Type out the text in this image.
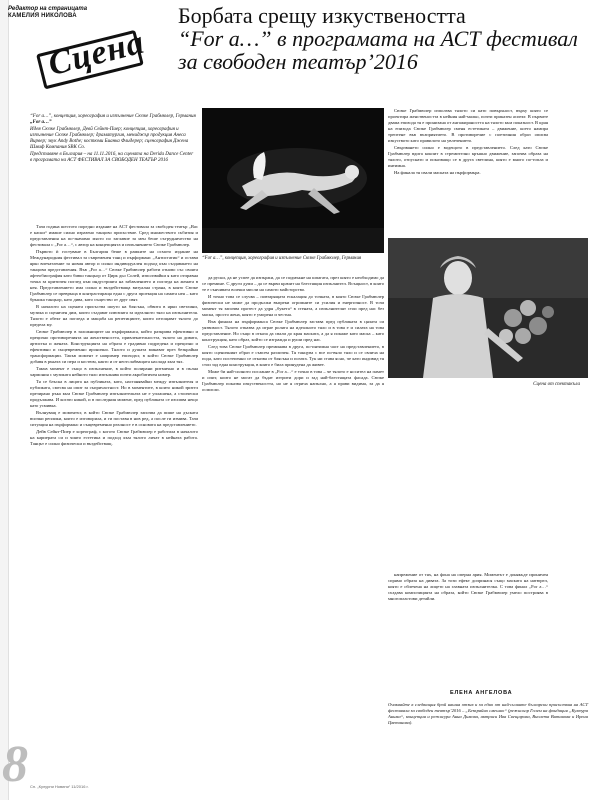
Редактор на страницата
КАМЕЛИЯ НИКОЛОВА
Сцена
Борбата срещу изкуствеността
“For a…” в програмата на АСТ фестивал
за свободен театър’2016

“For a…”, концепция, хореография и изпълнение Сюзке Грабмюлер, Германия

„For a…”

Идея Сюзке Грабмюлер, Девй Сейнт-Пиер; концепция, хореография и изпълнение Сюзке Грабмюлер; драматургия, мениджър продукция Анеса Вирвер; звук Andy Bothe; костюми Бианка Флидерер; сценография Джена Шмиф Компания SBK Co.

Представяне в България – на 11.11.2016, на сцената на Derida Dance Center

в програмата на АСТ ФЕСТИВАЛ ЗА СВОБОДЕН ТЕАТЪР 2016

Тази година шестото поредно издание на АСТ фестивала за свободен театър „Вас е каски“ имаше силно изразено танцово присъствие. Сред множеството събития и представления на по-значимо място по заглавие за мен беше сътрудничество на фестивала с „For a…“, с автор на концепцията и изпълнението Сюзке Грабмюлер.

Първото ѝ гостуване в България беше в рамките на осмото издание на Международния фестивал за съвременен танц и пърформанс „Антистатик“ и остави ярко впечатление за новия автор и силно индивидуален подход към създаването на танцови представления. Във „For a…“ Сюзке Грабмюлер работи отново със своята афтеобиография като бивш танцьор от Цирк дьо Солей, използвайки я като отправна точка за критичен поглед към индустрията на забавлението и погледа на жената в нея. Представлението има силно и въздействаща визуална страна, в която Сюзке Грабмюлер се превръща в контрастираща една с друга проекция на самата нея – като бръшка танцьор, като дива, като същество от друг свят.

В началото на сцената присъства шоуто на блясъка, обвита в ярки светлини, музика и сценичен дим, които създават илюзията за идеалното тяло на изпълнителя. Тялото е обект на погледа и мащаба на репетициите, които изтощават тялото до предела му.

Сюзке Грабмюлер в заложниците на пърформанса, който разкрива ефективно и прецизно противоречията на женствеността, привлекателността, тялото на дивата, артистка и жената. Конструкцията на образа е градивно подредена и прецизно и ефективно и същевременно иронично. Тялото и душата минават през безкрайни трансформации. Такъв момент е например епизодът, в който Сюзке Грабмюлер добавя в ръката си пера и костюм, както и от неотслабващата наслада към тях.

Такъв момент е също в изпълнение, в който полирани ритмично и в пълна хармония с музиката нейното тяло изпълнява почти акробатичен номер.

Тя се блъска в лицата на публиката, като, настанявайки между изпълнителя и публиката, смесва на опит за съпричастност. Но в моментите, в които никой зрител презирано ръка към Сюзке Грабмюлер изпълнителката не е уплашена, а стоически продължава. И когато никой, и в последния момент, пред публиката се изсипва нещо като усмивка.

Вълнуващ е моментът, в който Сюзке Грабмюлер започва да пише на дъската всички реплики, които е изговорила, и ги поставя в нов ред, а после ги измива. Тази ситуация на пърформанс и същевременно реалност е в основата на представлението.

Дейв Сейнт-Пиер е хореограф, с когото Сюзке Грабмюлер е работила в началото на кариерата си и чиято естетика и подход към тялото личат в нейната работа. Танцът е силно физически и въздействащ.

“For a…”, концепция, хореография и изпълнение Сюзке Грабмюлер, Германия

да руски, да не успее да изпържи, да се подмъкне на шпагата, през която е необходимо да се премине. С други думи – да се върви крачит на блестящия изпълнител. Всъщност, в която те е сънчивата всички мисли на самото майсторство.

И точно това се случва – повтарящата ескалация до точката, в която Сюзке Грабмюлер физически не може да продължи въпреки огромните си усилия и енергичност. В този момент тя започва протест да удря „букета“ в стената, а изпълнителят стои пред нас без маска, просто жена, която е уморена и честна.

Във финала на пърформанса Сюзке Грабмюлер застава пред публиката в цялата си уязвимост. Тялото отказва да играе ролята на идеалното тяло и в това е и силата на това представление. Но също в отказа да свали до края маската, а да я покаже като маска – като конструкция, като образ, който се изгражда и руши пред нас.

След това Сюзке Грабмюлер преминава в друга, по-интимна част на представлението, в която сценичният образ е съвсем различен. Тя танцува с все по-вяло тяло и се свлича на пода, като постепенно се отказва от блясъка и позата. Тук ни става ясно, че като индивид тя стои зад една конструкция, в която е била принудена да живее.

Може би най-силното послание в „For a…“ е точно в това – че тялото е носител на памет и опит, които не могат да бъдат изтрити дори и зад най-блестящата фасада. Сюзке Грабмюлер показва изкуствеността, но не я отрича напълно, а я прави видима, за да я осмисли.

Сюзке Грабмюлер използва тялото си като повърхност, върху която се проектира женствеността в нейния най-малко, почти приказен аспект. В първите двама епизода тя е пронизана от ангажираността на тялото към показност. В края на епизода Сюзке Грабмюлер сменя естетиката – движение, което намира трептене във възприятието. В противоречие с поетичния образ описва изкуството като правилото на увлечението.

Свързването силно е водещото в представлението. След като Сюзке Грабмюлер вдига кокпит в стремително кръшно движение, започва образа на тялото, отпуснато и показващо се в друга светлина, която е много по-топла и интимна.

На финала тя свали маската на пърформъра.

Сцена от спектакъла

напрежение от тях, на фона на оперна ария. Моментът е донякъде ироничен спрямо образа на дивата. За този ефект допринася също маската на натюрел, която е облечена на лицето на главната изпълнителка. С това финал „For a…“ създава композицията на образа, който Сюзке Грабмюлер умело построява в многопластови детайли.

ЕЛЕНА АНГЕЛОВА
Очаквайте в следващия брой нашия отзив и за едно от най-силните български присъствия на АСТ фестивала за свободен театър’2016 – „Безкрайно смешно“ (режисьор Голем на фондация „Култура Анима“, концепция и режисура Анна Димова, актриси Ива Свещарова, Виолета Витанова и Ирена Цветанова).
8 Сп. „Кулурни Новини“ 11/2016 г.
